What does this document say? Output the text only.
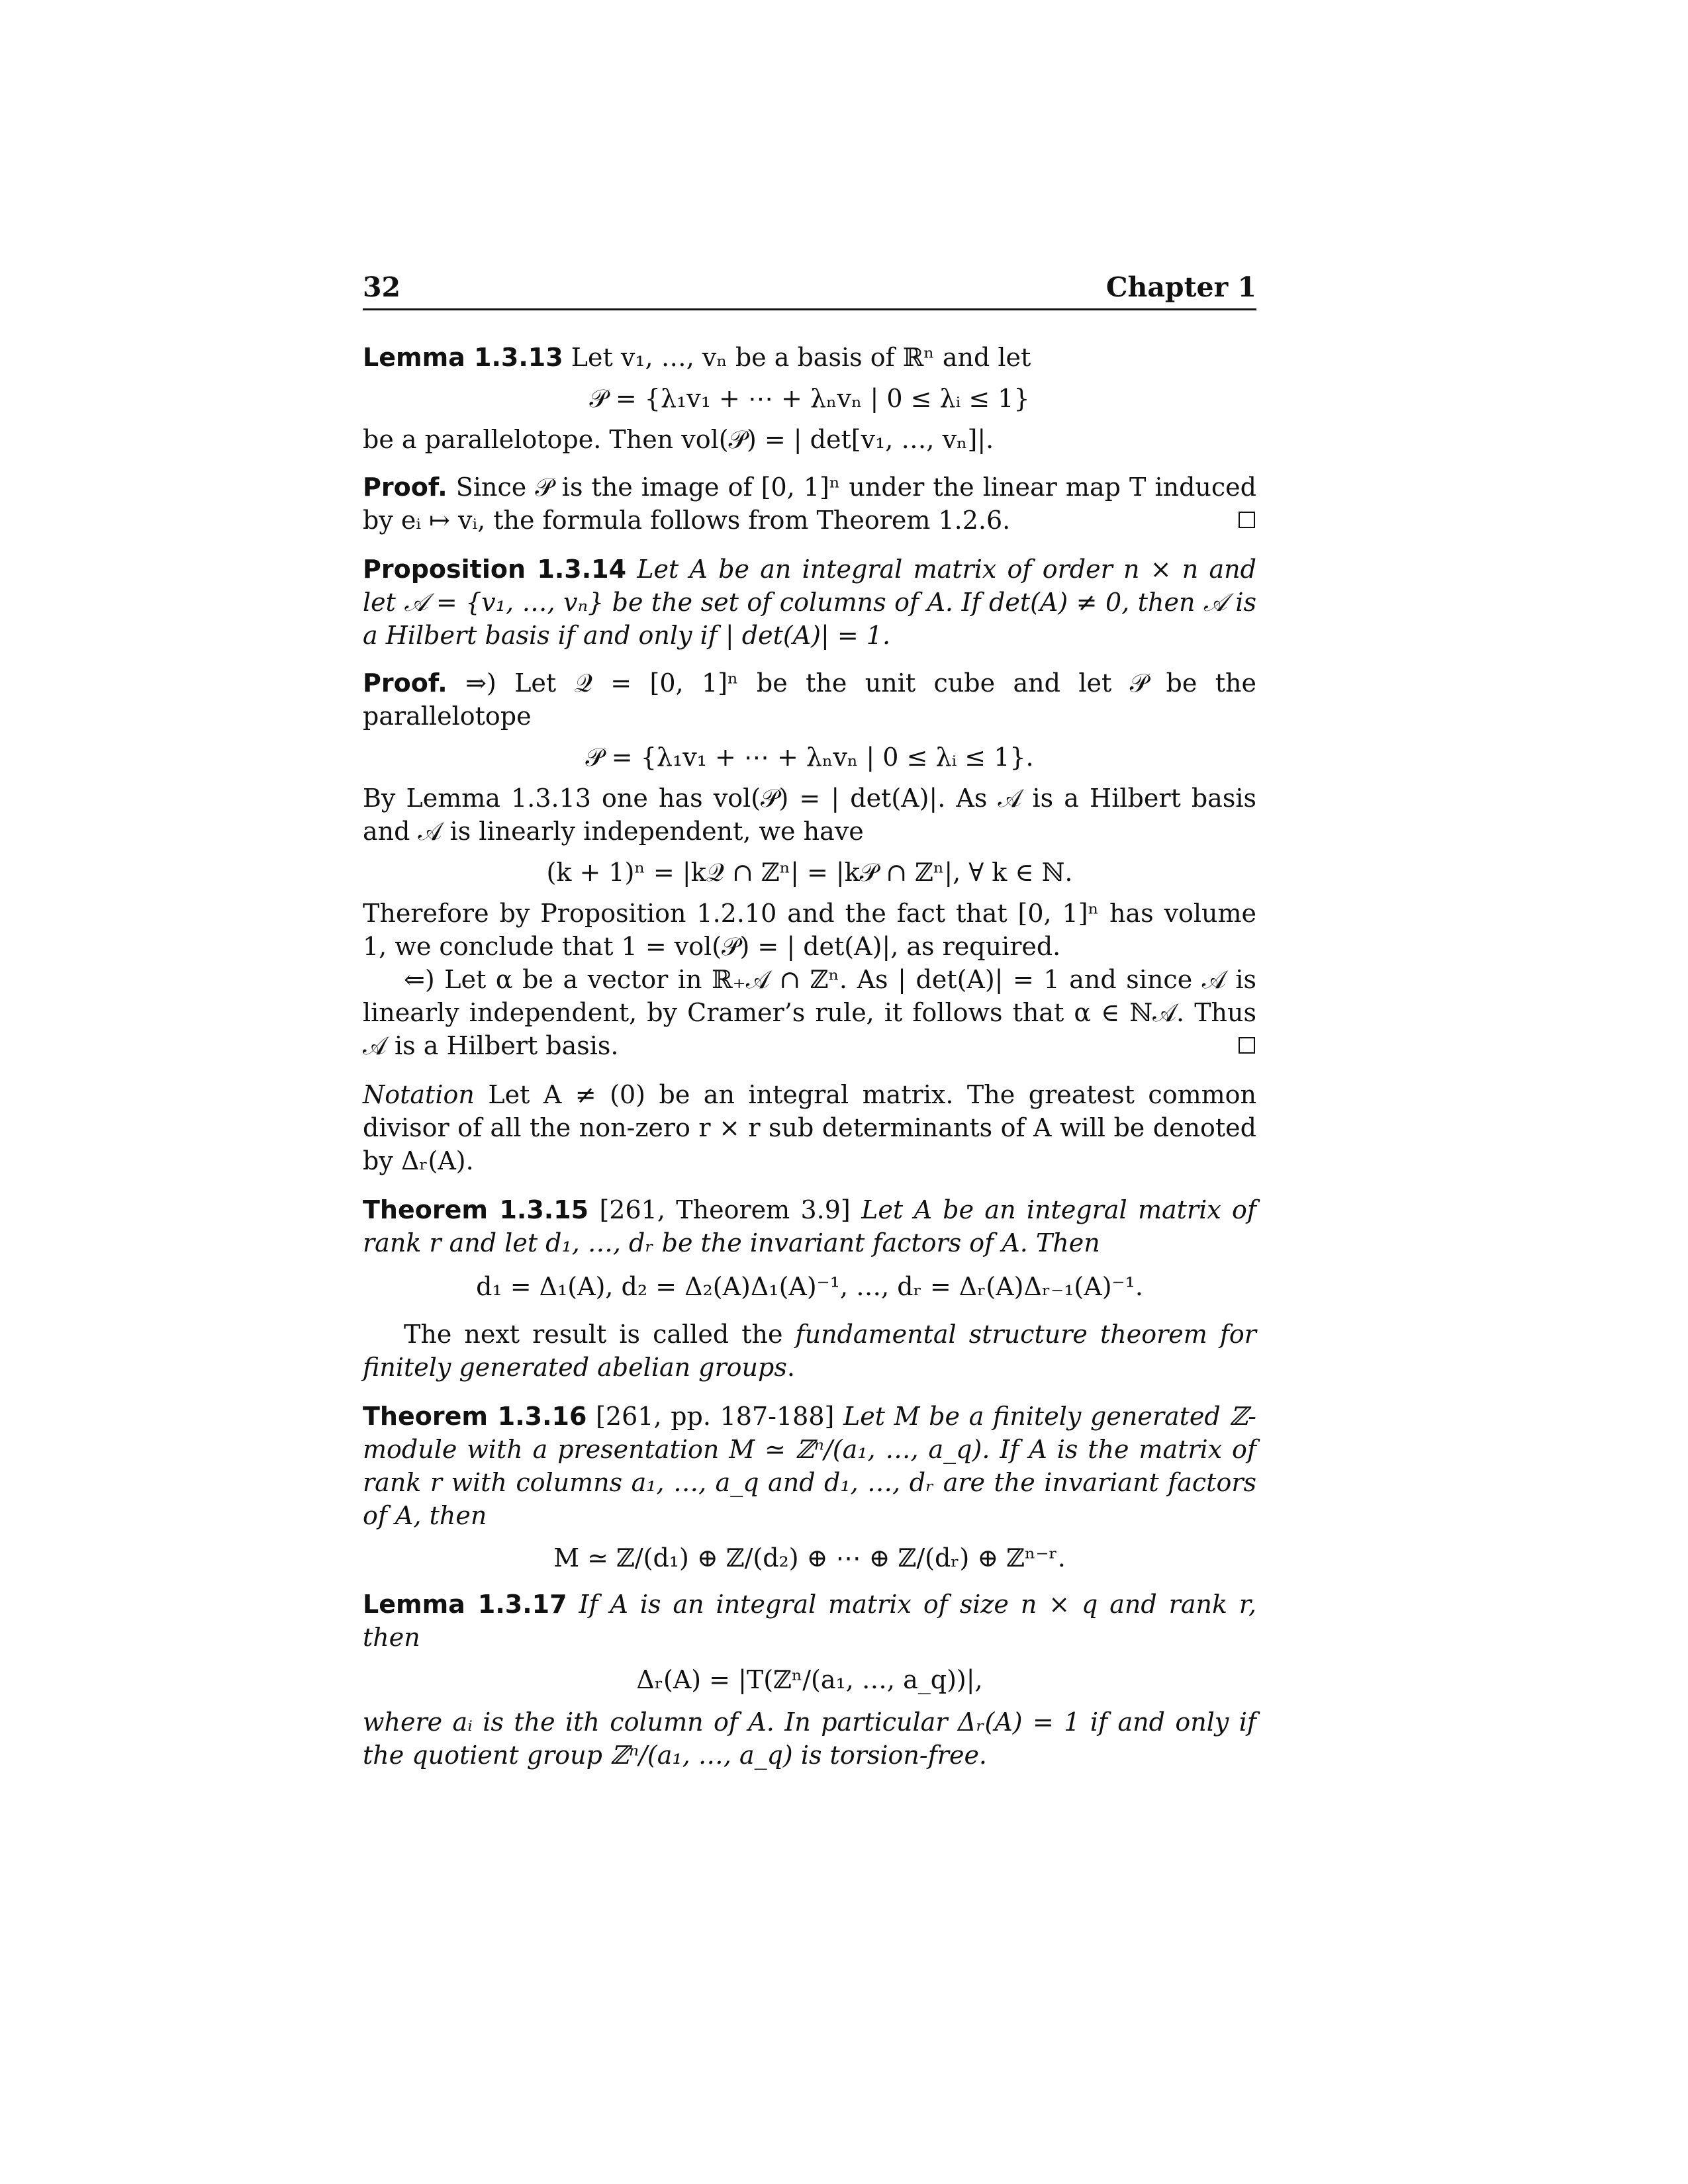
32	Chapter 1

Lemma 1.3.13 Let v₁, …, vₙ be a basis of ℝⁿ and let

𝒫 = {λ₁v₁ + ⋯ + λₙvₙ | 0 ≤ λᵢ ≤ 1}

be a parallelotope. Then vol(𝒫) = | det[v₁, …, vₙ]|.

Proof. Since 𝒫 is the image of [0, 1]ⁿ under the linear map T induced by eᵢ ↦ vᵢ, the formula follows from Theorem 1.2.6.

Proposition 1.3.14 Let A be an integral matrix of order n × n and let 𝒜 = {v₁, …, vₙ} be the set of columns of A. If det(A) ≠ 0, then 𝒜 is a Hilbert basis if and only if | det(A)| = 1.

Proof. ⇒) Let 𝒬 = [0, 1]ⁿ be the unit cube and let 𝒫 be the parallelotope

𝒫 = {λ₁v₁ + ⋯ + λₙvₙ | 0 ≤ λᵢ ≤ 1}.

By Lemma 1.3.13 one has vol(𝒫) = | det(A)|. As 𝒜 is a Hilbert basis and 𝒜 is linearly independent, we have

(k + 1)ⁿ = |k𝒬 ∩ ℤⁿ| = |k𝒫 ∩ ℤⁿ|, ∀ k ∈ ℕ.

Therefore by Proposition 1.2.10 and the fact that [0, 1]ⁿ has volume 1, we conclude that 1 = vol(𝒫) = | det(A)|, as required.

⇐) Let α be a vector in ℝ₊𝒜 ∩ ℤⁿ. As | det(A)| = 1 and since 𝒜 is linearly independent, by Cramer’s rule, it follows that α ∈ ℕ𝒜. Thus 𝒜 is a Hilbert basis.

Notation Let A ≠ (0) be an integral matrix. The greatest common divisor of all the non-zero r × r sub determinants of A will be denoted by Δᵣ(A).

Theorem 1.3.15 [261, Theorem 3.9] Let A be an integral matrix of rank r and let d₁, …, dᵣ be the invariant factors of A. Then

d₁ = Δ₁(A), d₂ = Δ₂(A)Δ₁(A)⁻¹, …, dᵣ = Δᵣ(A)Δᵣ₋₁(A)⁻¹.

The next result is called the fundamental structure theorem for finitely generated abelian groups.

Theorem 1.3.16 [261, pp. 187-188] Let M be a finitely generated ℤ-module with a presentation M ≃ ℤⁿ/(a₁, …, a_q). If A is the matrix of rank r with columns a₁, …, a_q and d₁, …, dᵣ are the invariant factors of A, then

M ≃ ℤ/(d₁) ⊕ ℤ/(d₂) ⊕ ⋯ ⊕ ℤ/(dᵣ) ⊕ ℤⁿ⁻ʳ.

Lemma 1.3.17 If A is an integral matrix of size n × q and rank r, then

Δᵣ(A) = |T(ℤⁿ/(a₁, …, a_q))|,

where aᵢ is the ith column of A. In particular Δᵣ(A) = 1 if and only if the quotient group ℤⁿ/(a₁, …, a_q) is torsion-free.
